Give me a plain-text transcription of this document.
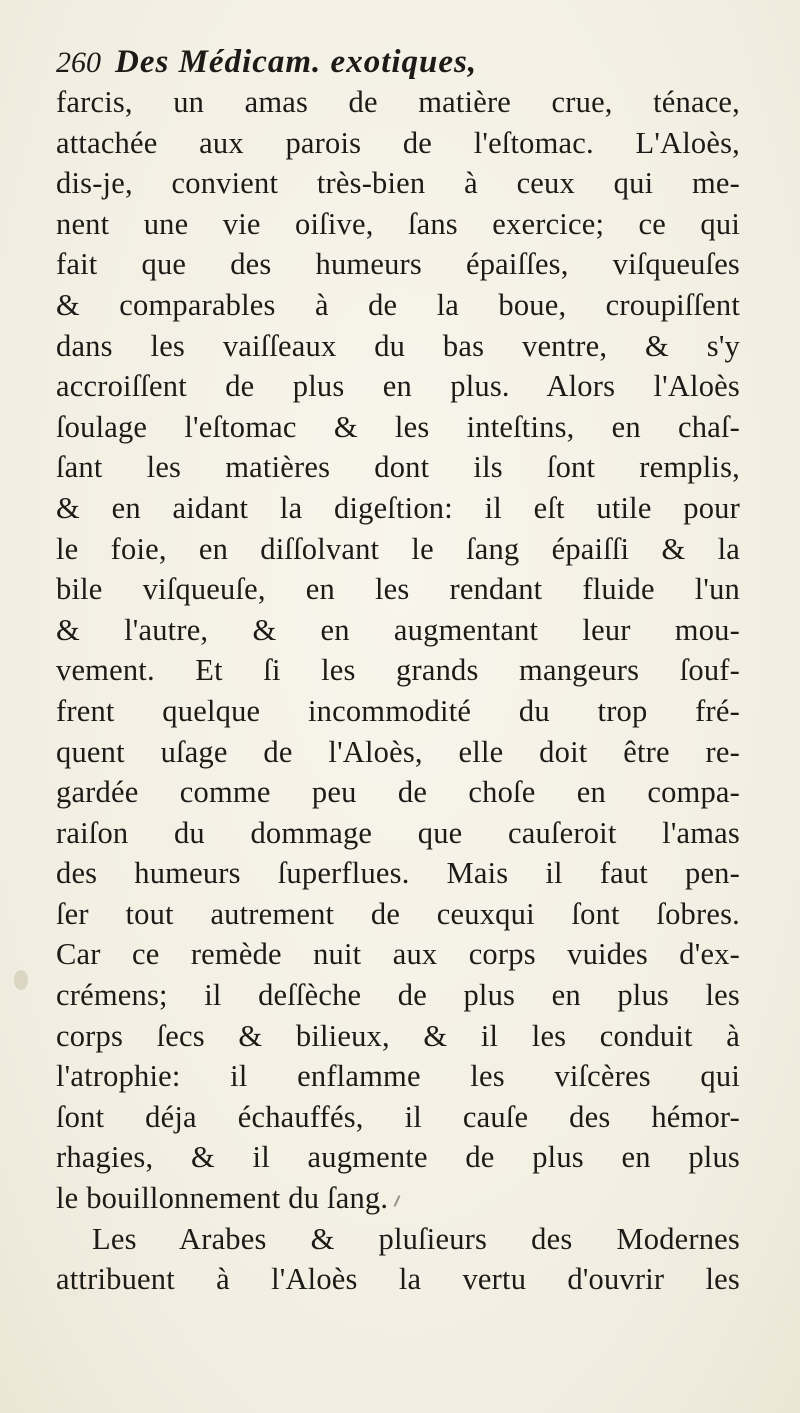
260 Des Médicam. exotiques,
farcis, un amas de matière crue, ténace,
attachée aux parois de l'eſtomac. L'Aloès,
dis-je, convient très-bien à ceux qui me-
nent une vie oiſive, ſans exercice; ce qui
fait que des humeurs épaiſſes, viſqueuſes
& comparables à de la boue, croupiſſent
dans les vaiſſeaux du bas ventre, & s'y
accroiſſent de plus en plus. Alors l'Aloès
ſoulage l'eſtomac & les inteſtins, en chaſ-
ſant les matières dont ils ſont remplis,
& en aidant la digeſtion: il eſt utile pour
le foie, en diſſolvant le ſang épaiſſi & la
bile viſqueuſe, en les rendant fluide l'un
& l'autre, & en augmentant leur mou-
vement. Et ſi les grands mangeurs ſouf-
frent quelque incommodité du trop fré-
quent uſage de l'Aloès, elle doit être re-
gardée comme peu de choſe en compa-
raiſon du dommage que cauſeroit l'amas
des humeurs ſuperflues. Mais il faut pen-
ſer tout autrement de ceuxqui ſont ſobres.
Car ce remède nuit aux corps vuides d'ex-
crémens; il deſſèche de plus en plus les
corps ſecs & bilieux, & il les conduit à
l'atrophie: il enflamme les viſcères qui
ſont déja échauffés, il cauſe des hémor-
rhagies, & il augmente de plus en plus
le bouillonnement du ſang.
Les Arabes & pluſieurs des Modernes
attribuent à l'Aloès la vertu d'ouvrir les
